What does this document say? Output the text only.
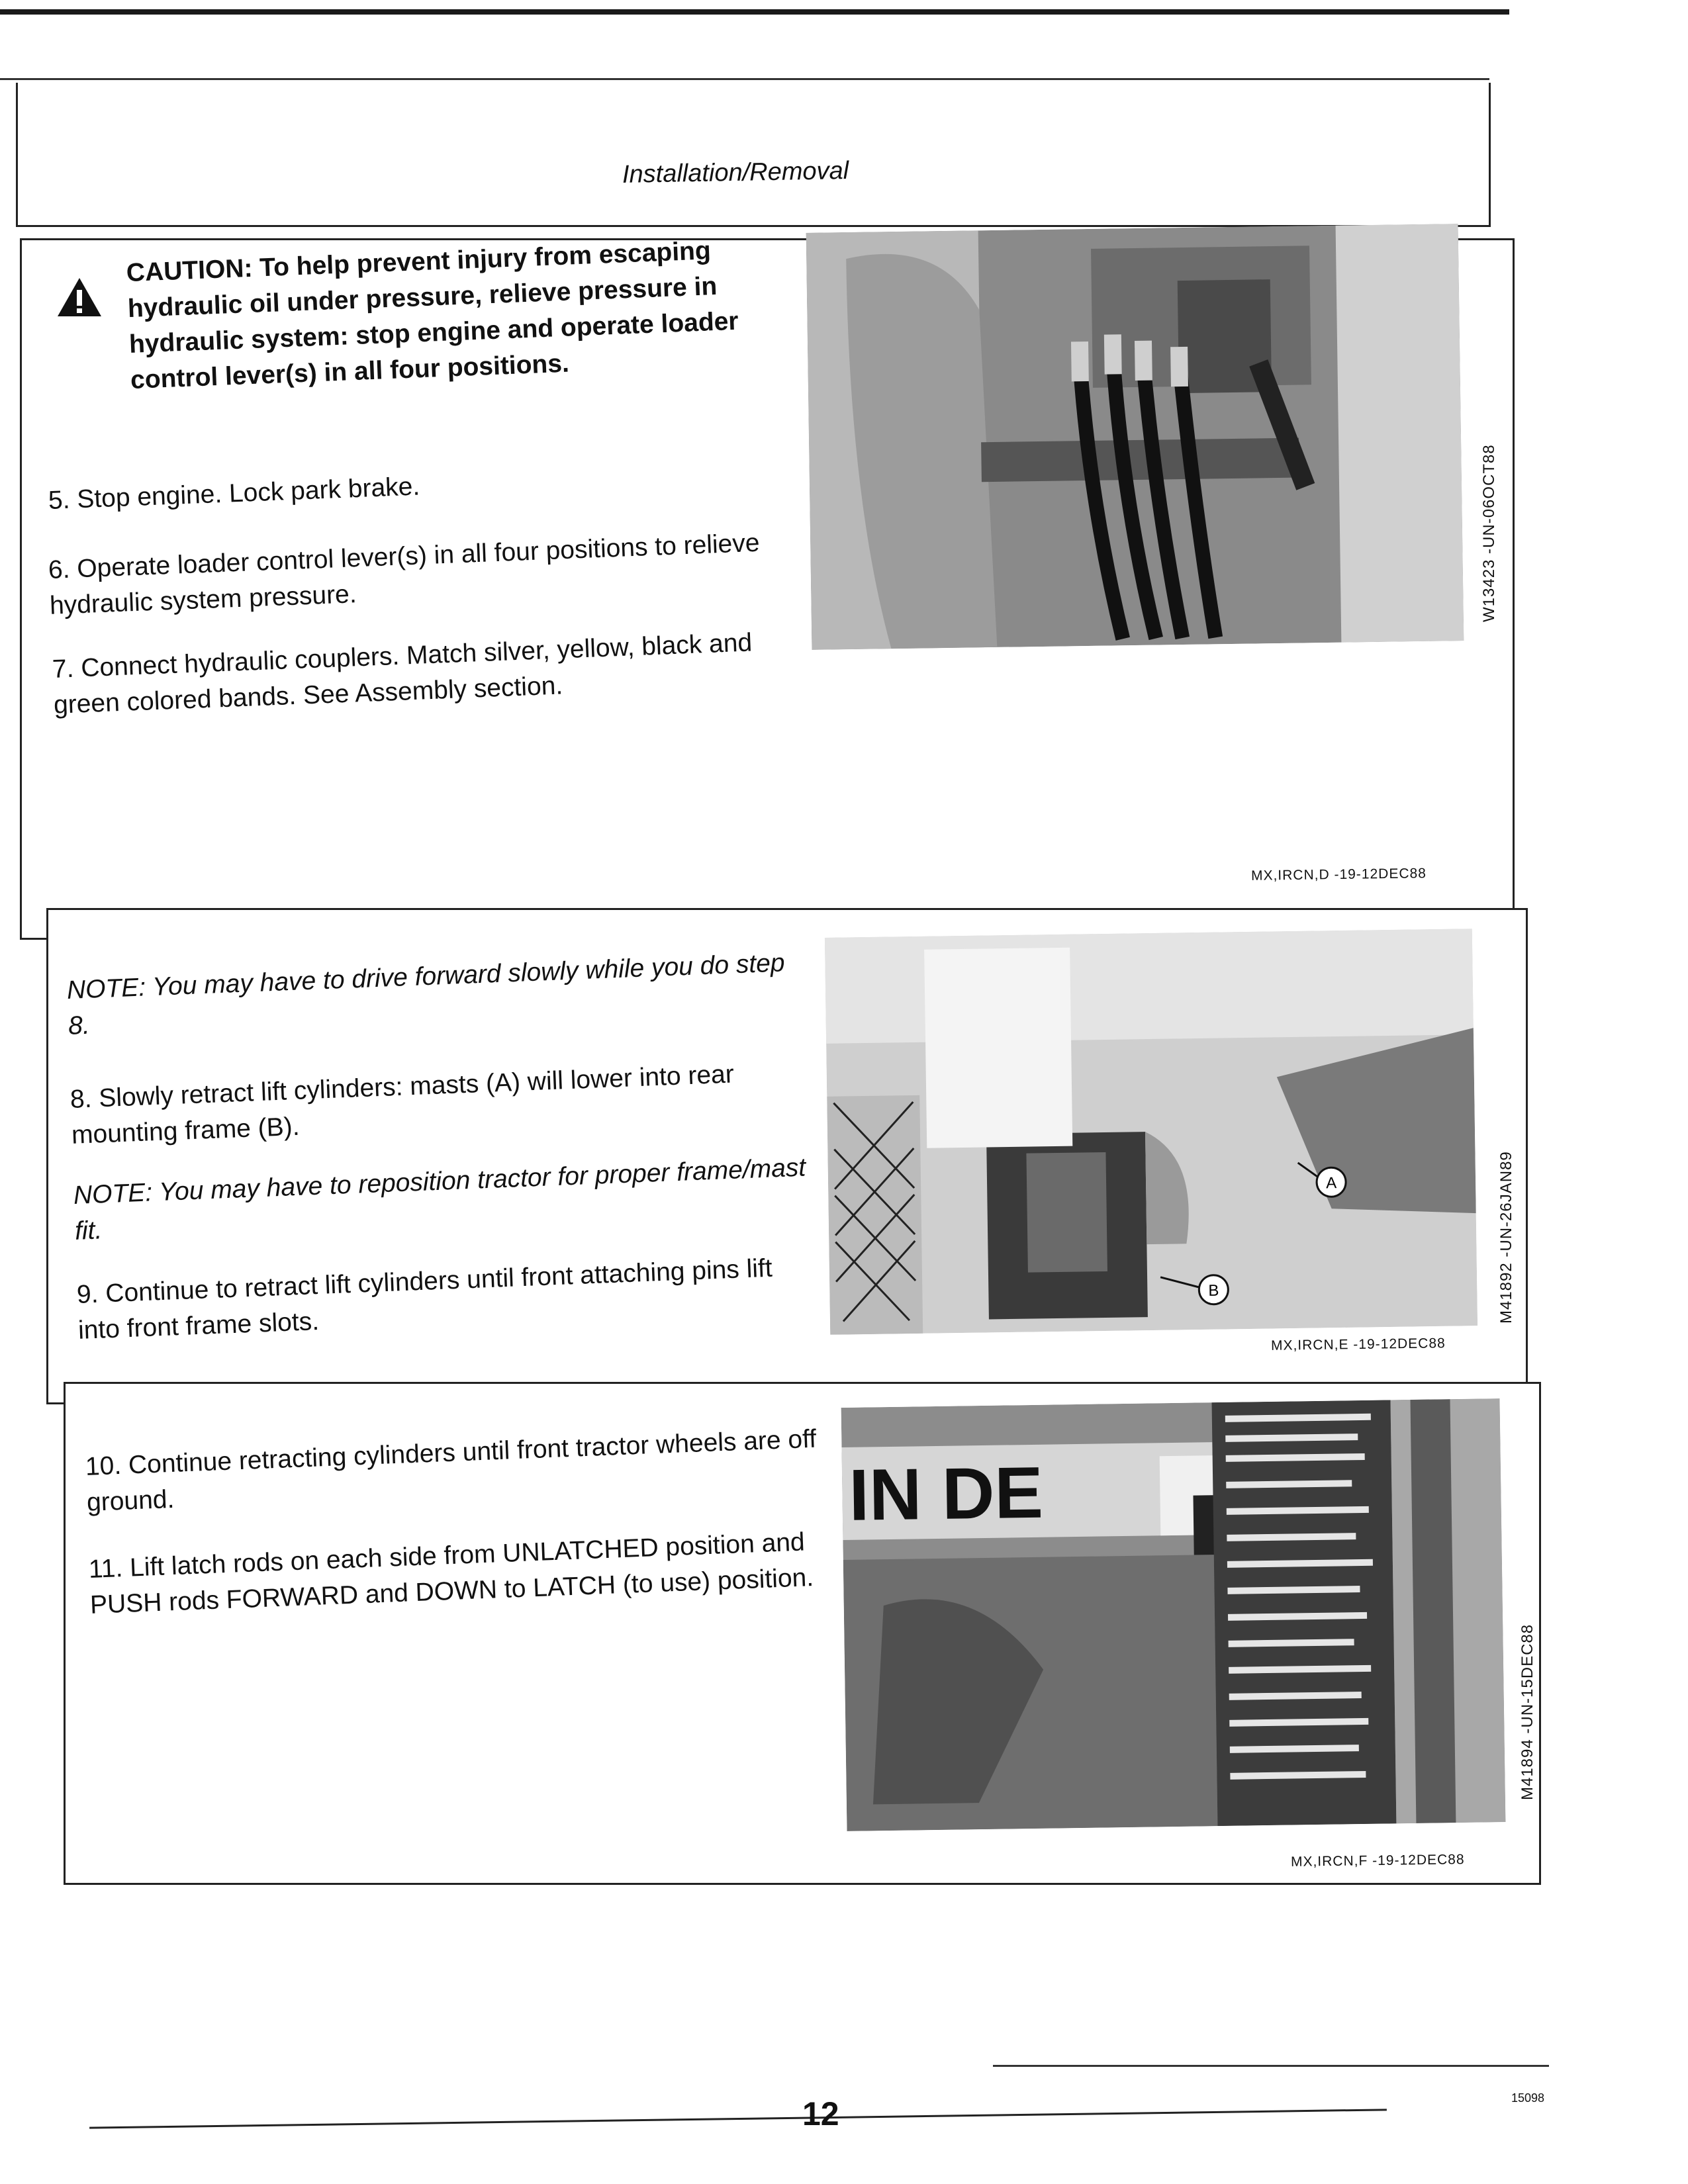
Installation/Removal
CAUTION: To help prevent injury from escaping hydraulic oil under pressure, relieve pressure in hydraulic system: stop engine and operate loader control lever(s) in all four positions.
5. Stop engine. Lock park brake.
6. Operate loader control lever(s) in all four positions to relieve hydraulic system pressure.
7. Connect hydraulic couplers. Match silver, yellow, black and green colored bands. See Assembly section.
W13423 -UN-06OCT88
MX,IRCN,D -19-12DEC88
NOTE: You may have to drive forward slowly while you do step 8.
8. Slowly retract lift cylinders: masts (A) will lower into rear mounting frame (B).
NOTE: You may have to reposition tractor for proper frame/mast fit.
9. Continue to retract lift cylinders until front attaching pins lift into front frame slots.
A
B	M41892 -UN-26JAN89
MX,IRCN,E -19-12DEC88
10. Continue retracting cylinders until front tractor wheels are off ground.
11. Lift latch rods on each side from UNLATCHED position and PUSH rods FORWARD and DOWN to LATCH (to use) position.
IN DE
M41894 -UN-15DEC88
MX,IRCN,F -19-12DEC88
12	15098
